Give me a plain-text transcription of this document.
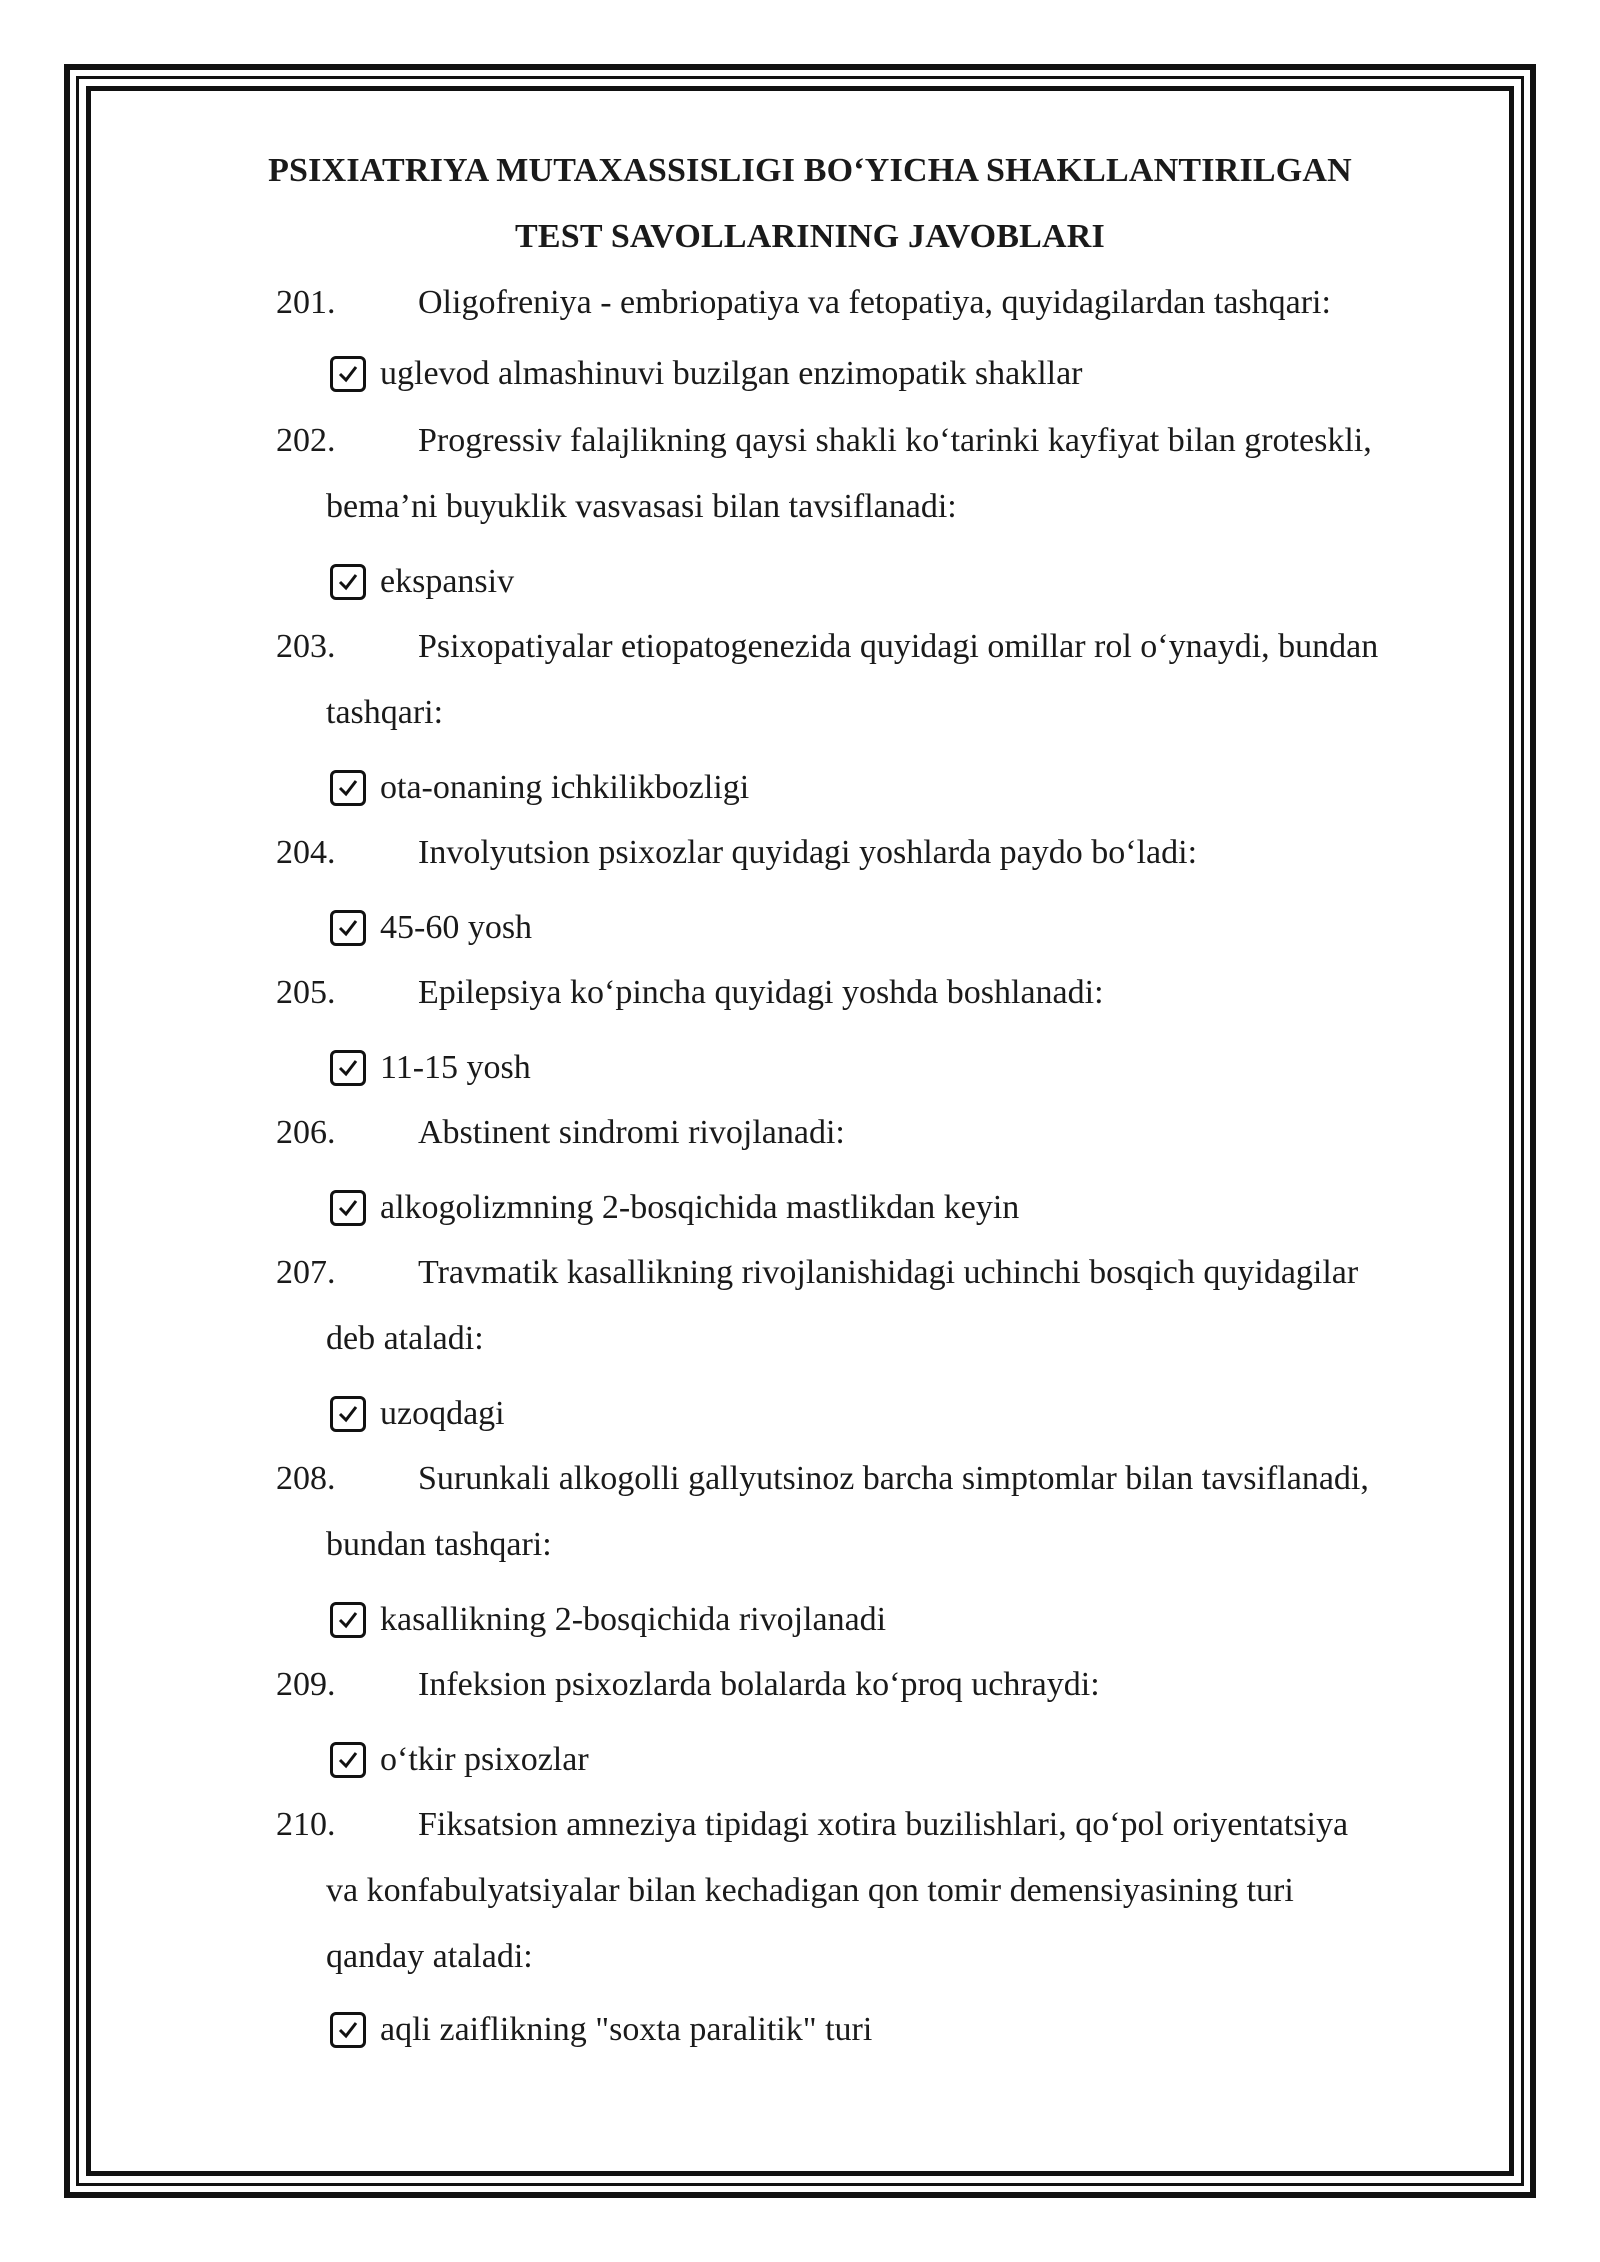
PSIXIATRIYA MUTAXASSISLIGI BO‘YICHA SHAKLLANTIRILGAN
TEST SAVOLLARINING JAVOBLARI
201. Oligofreniya - embriopatiya va fetopatiya, quyidagilardan tashqari:
uglevod almashinuvi buzilgan enzimopatik shakllar
202. Progressiv falajlikning qaysi shakli ko‘tarinki kayfiyat bilan groteskli,
bema’ni buyuklik vasvasasi bilan tavsiflanadi:
ekspansiv
203. Psixopatiyalar etiopatogenezida quyidagi omillar rol o‘ynaydi, bundan
tashqari:
ota-onaning ichkilikbozligi
204. Involyutsion psixozlar quyidagi yoshlarda paydo bo‘ladi:
45-60 yosh
205. Epilepsiya ko‘pincha quyidagi yoshda boshlanadi:
11-15 yosh
206. Abstinent sindromi rivojlanadi:
alkogolizmning 2-bosqichida mastlikdan keyin
207. Travmatik kasallikning rivojlanishidagi uchinchi bosqich quyidagilar
deb ataladi:
uzoqdagi
208. Surunkali alkogolli gallyutsinoz barcha simptomlar bilan tavsiflanadi,
bundan tashqari:
kasallikning 2-bosqichida rivojlanadi
209. Infeksion psixozlarda bolalarda ko‘proq uchraydi:
o‘tkir psixozlar
210. Fiksatsion amneziya tipidagi xotira buzilishlari, qo‘pol oriyentatsiya
va konfabulyatsiyalar bilan kechadigan qon tomir demensiyasining turi
qanday ataladi:
aqli zaiflikning "soxta paralitik" turi
